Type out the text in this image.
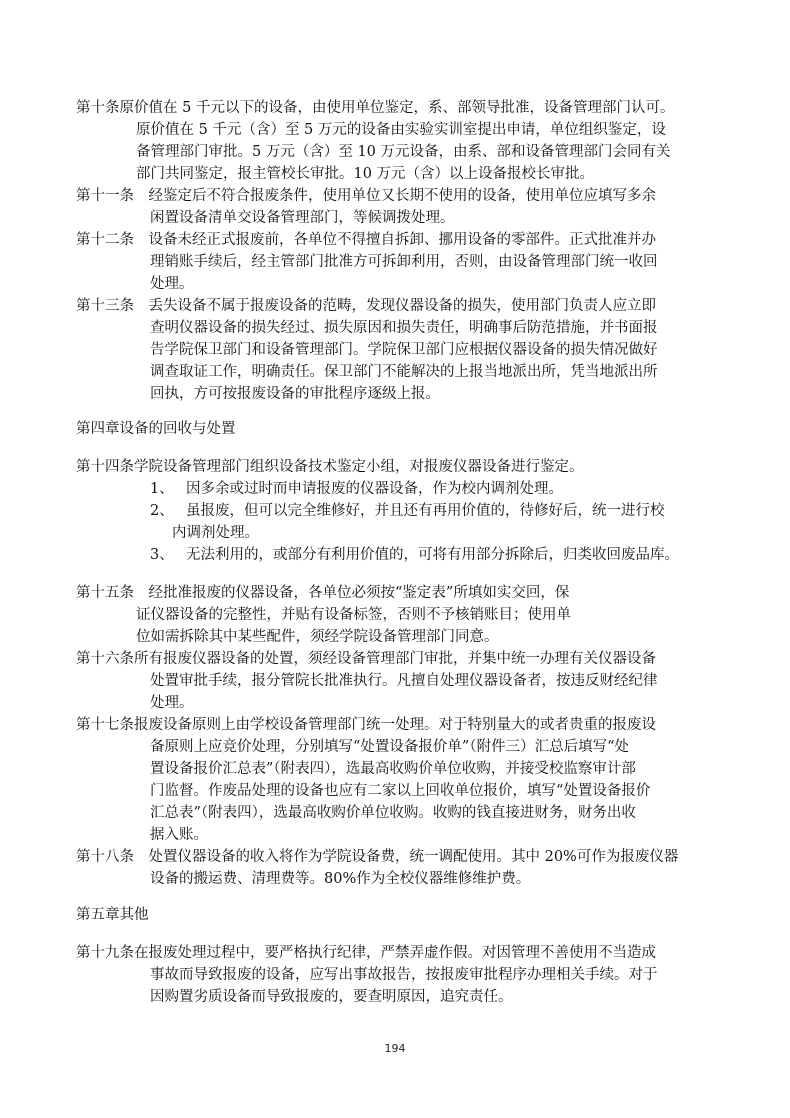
第十条原价值在 5 千元以下的设备，由使用单位鉴定，系、部领导批准，设备管理部门认可。
原价值在 5 千元（含）至 5 万元的设备由实验实训室提出申请，单位组织鉴定，设
备管理部门审批。5 万元（含）至 10 万元设备，由系、部和设备管理部门会同有关
部门共同鉴定，报主管校长审批。10 万元（含）以上设备报校长审批。
第十一条　经鉴定后不符合报废条件，使用单位又长期不使用的设备，使用单位应填写多余
闲置设备清单交设备管理部门，等候调拨处理。
第十二条　设备未经正式报废前，各单位不得擅自拆卸、挪用设备的零部件。正式批准并办
理销账手续后，经主管部门批准方可拆卸利用，否则，由设备管理部门统一收回
处理。
第十三条　丢失设备不属于报废设备的范畴，发现仪器设备的损失，使用部门负责人应立即
查明仪器设备的损失经过、损失原因和损失责任，明确事后防范措施，并书面报
告学院保卫部门和设备管理部门。学院保卫部门应根据仪器设备的损失情况做好
调查取证工作，明确责任。保卫部门不能解决的上报当地派出所，凭当地派出所
回执，方可按报废设备的审批程序逐级上报。
第四章设备的回收与处置
第十四条学院设备管理部门组织设备技术鉴定小组，对报废仪器设备进行鉴定。
1、 因多余或过时而申请报废的仪器设备，作为校内调剂处理。
2、 虽报废，但可以完全维修好，并且还有再用价值的，待修好后，统一进行校
内调剂处理。
3、 无法利用的，或部分有利用价值的，可将有用部分拆除后，归类收回废品库。
第十五条　经批准报废的仪器设备，各单位必须按“鉴定表”所填如实交回，保
证仪器设备的完整性，并贴有设备标签，否则不予核销账目；使用单
位如需拆除其中某些配件，须经学院设备管理部门同意。
第十六条所有报废仪器设备的处置，须经设备管理部门审批，并集中统一办理有关仪器设备
处置审批手续，报分管院长批准执行。凡擅自处理仪器设备者，按违反财经纪律
处理。
第十七条报废设备原则上由学校设备管理部门统一处理。对于特别量大的或者贵重的报废设
备原则上应竞价处理，分别填写“处置设备报价单”（附件三）汇总后填写“处
置设备报价汇总表”（附表四），选最高收购价单位收购，并接受校监察审计部
门监督。作废品处理的设备也应有二家以上回收单位报价，填写“处置设备报价
汇总表”（附表四），选最高收购价单位收购。收购的钱直接进财务，财务出收
据入账。
第十八条　处置仪器设备的收入将作为学院设备费，统一调配使用。其中 20%可作为报废仪器
设备的搬运费、清理费等。80%作为全校仪器维修维护费。
第五章其他
第十九条在报废处理过程中，要严格执行纪律，严禁弄虚作假。对因管理不善使用不当造成
事故而导致报废的设备，应写出事故报告，按报废审批程序办理相关手续。对于
因购置劣质设备而导致报废的，要查明原因，追究责任。
194
